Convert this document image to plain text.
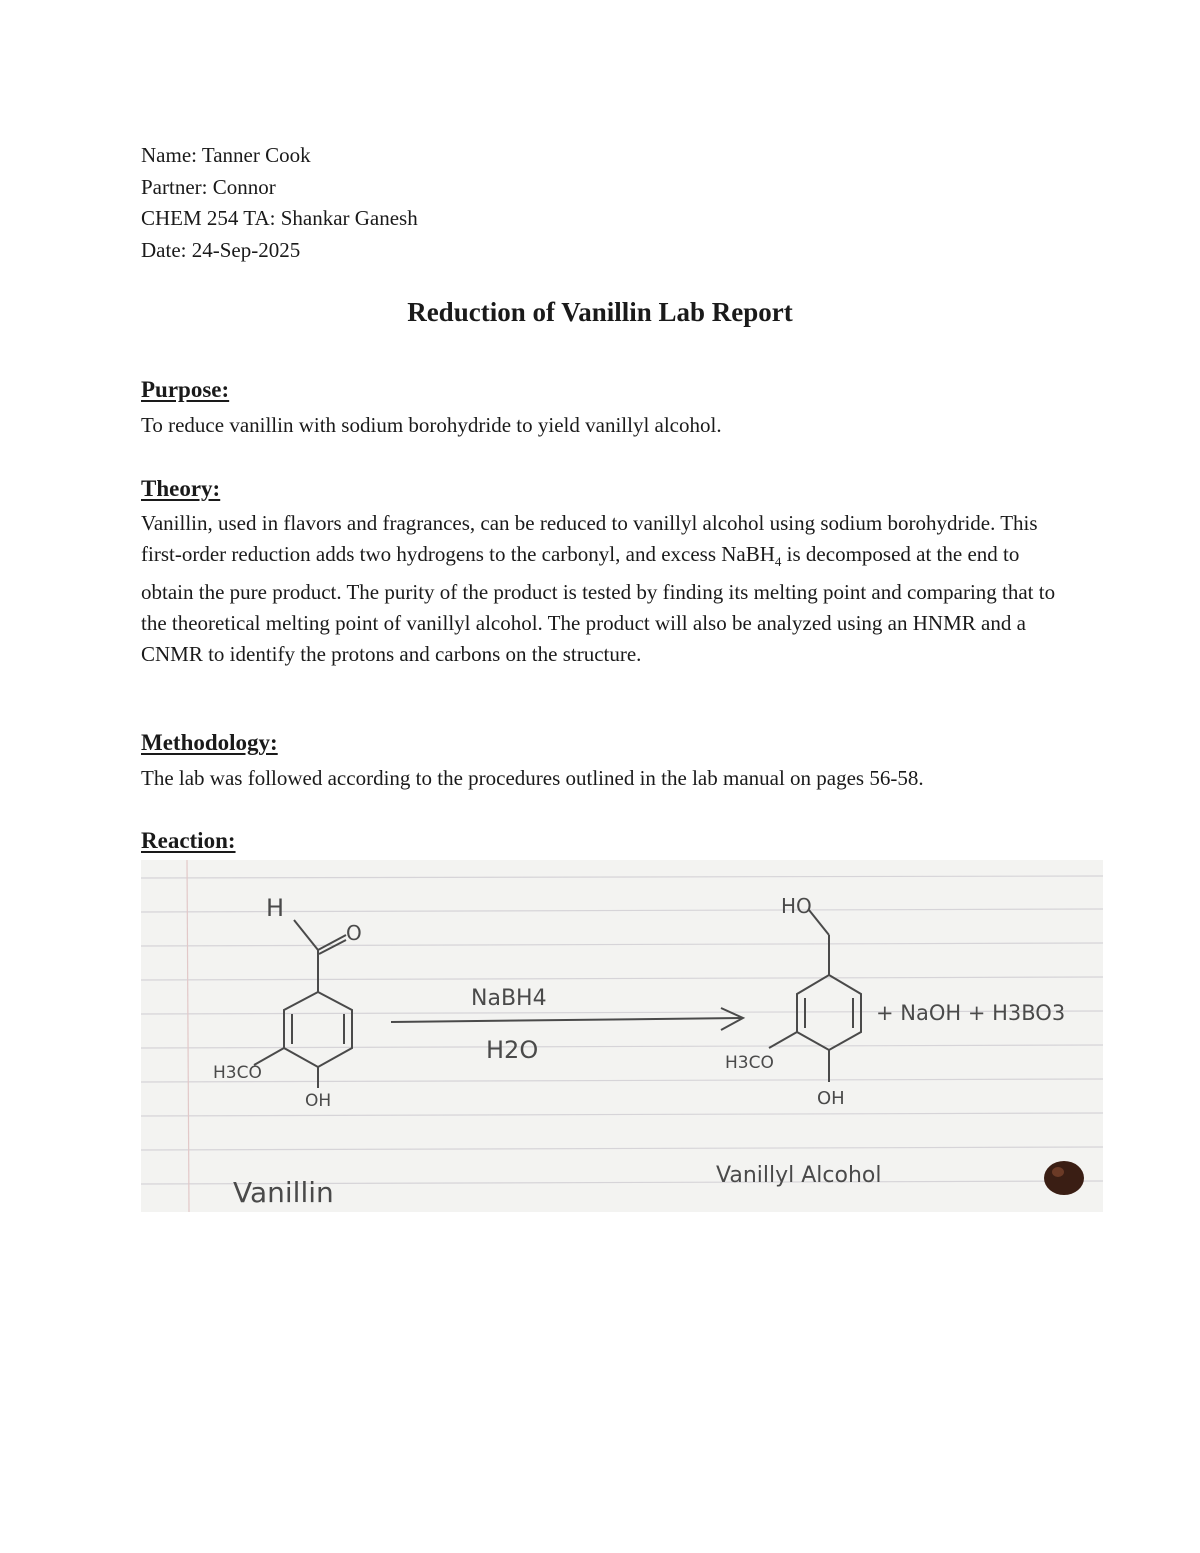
Name: Tanner Cook
Partner: Connor
CHEM 254 TA: Shankar Ganesh
Date: 24-Sep-2025
Reduction of Vanillin Lab Report
Purpose:
To reduce vanillin with sodium borohydride to yield vanillyl alcohol.
Theory:

Vanillin, used in flavors and fragrances, can be reduced to vanillyl alcohol using sodium borohydride. This first-order reduction adds two hydrogens to the carbonyl, and excess NaBH$_4$ is decomposed at the end to obtain the pure product. The purity of the product is tested by finding its melting point and comparing that to the theoretical melting point of vanillyl alcohol. The product will also be analyzed using an HNMR and a CNMR to identify the protons and carbons on the structure.

Methodology:
The lab was followed according to the procedures outlined in the lab manual on pages 56-58.
Reaction:
H
O
H3CO
OH
Vanillin
NaBH4
H2O
HO
H3CO
OH
+ NaOH + H3BO3
Vanillyl Alcohol
